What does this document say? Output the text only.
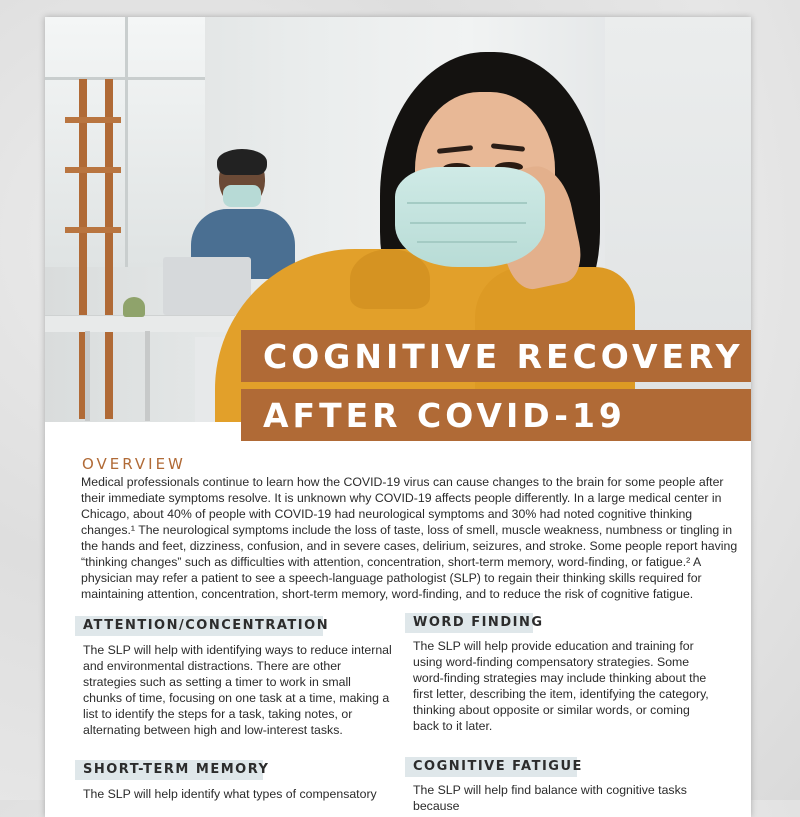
COGNITIVE RECOVERY
AFTER COVID-19
OVERVIEW

Medical professionals continue to learn how the COVID-19 virus can cause changes to the brain for some people after their immediate symptoms resolve. It is unknown why COVID-19 affects people differently. In a large medical center in Chicago, about 40% of people with COVID-19 had neurological symptoms and 30% had noted cognitive thinking changes.¹ The neurological symptoms include the loss of taste, loss of smell, muscle weakness, numbness or tingling in the hands and feet, dizziness, confusion, and in severe cases, delirium, seizures, and stroke. Some people report having “thinking changes” such as difficulties with attention, concentration, short-term memory, word-finding, or fatigue.² A physician may refer a patient to see a speech-language pathologist (SLP) to regain their thinking skills required for maintaining attention, concentration, short-term memory, word-finding, and to reduce the risk of cognitive fatigue.

ATTENTION/CONCENTRATION

The SLP will help with identifying ways to reduce internal and environmental distractions. There are other strategies such as setting a timer to work in small chunks of time, focusing on one task at a time, making a list to identify the steps for a task, taking notes, or alternating between high and low-interest tasks.

WORD FINDING

The SLP will help provide education and training for using word-finding compensatory strategies. Some word-finding strategies may include thinking about the first letter, describing the item, identifying the category, thinking about opposite or similar words, or coming back to it later.

SHORT-TERM MEMORY

The SLP will help identify what types of compensatory

COGNITIVE FATIGUE

The SLP will help find balance with cognitive tasks because
